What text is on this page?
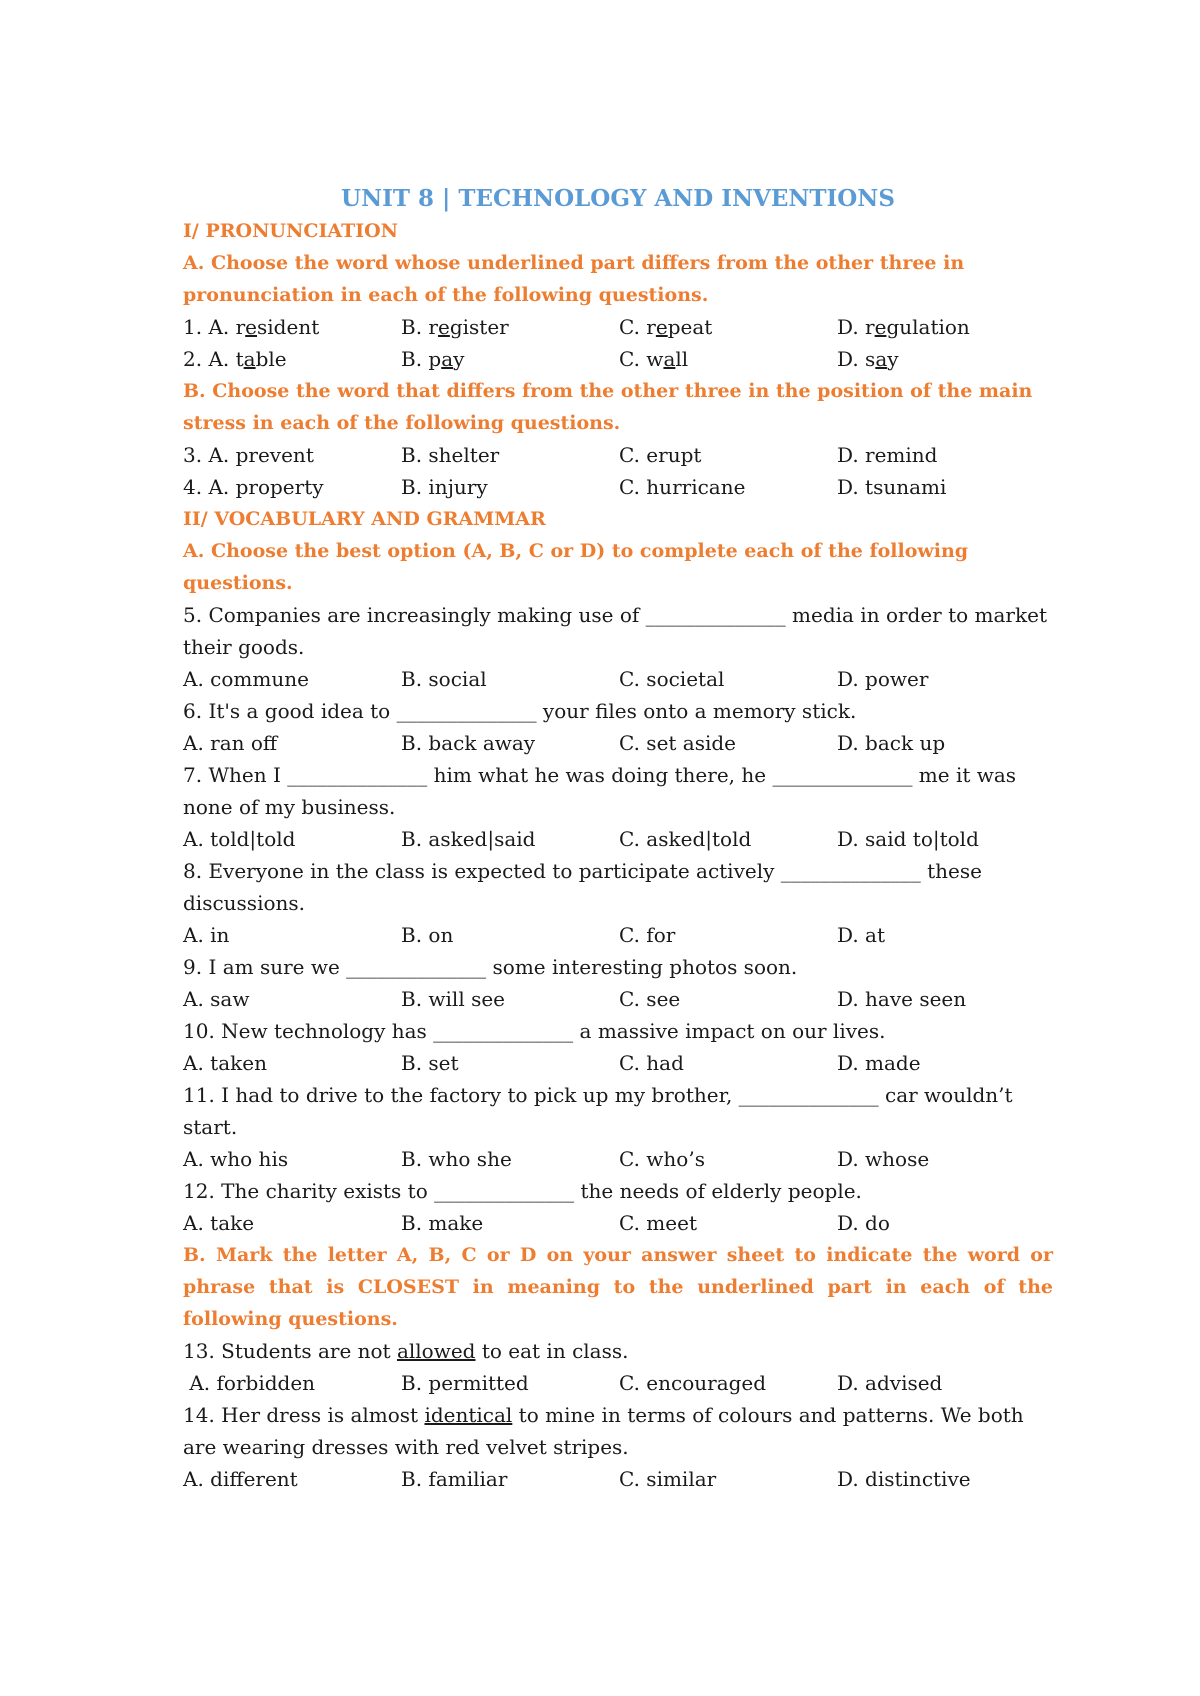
UNIT 8 | TECHNOLOGY AND INVENTIONS
I/ PRONUNCIATION
A. Choose the word whose underlined part differs from the other three in pronunciation in each of the following questions.
1. A. resident	B. register	C. repeat	D. regulation
2. A. table	B. pay	C. wall	D. say
B. Choose the word that differs from the other three in the position of the main stress in each of the following questions.
3. A. prevent	B. shelter	C. erupt	D. remind
4. A. property	B. injury	C. hurricane	D. tsunami
II/ VOCABULARY AND GRAMMAR
A. Choose the best option (A, B, C or D) to complete each of the following questions.
5. Companies are increasingly making use of ______________ media in order to market their goods.
A. commune	B. social	C. societal	D. power
6. It's a good idea to ______________ your files onto a memory stick.
A. ran off	B. back away	C. set aside	D. back up
7. When I ______________ him what he was doing there, he ______________ me it was none of my business.
A. told|told	B. asked|said	C. asked|told	D. said to|told
8. Everyone in the class is expected to participate actively ______________ these discussions.
A. in	B. on	C. for	D. at
9. I am sure we ______________ some interesting photos soon.
A. saw	B. will see	C. see	D. have seen
10. New technology has ______________ a massive impact on our lives.
A. taken	B. set	C. had	D. made
11. I had to drive to the factory to pick up my brother, ______________ car wouldn’t start.
A. who his	B. who she	C. who’s	D. whose
12. The charity exists to ______________ the needs of elderly people.
A. take	B. make	C. meet	D. do
B. Mark the letter A, B, C or D on your answer sheet to indicate the word or phrase that is CLOSEST in meaning to the underlined part in each of the following questions.
13. Students are not allowed to eat in class.
A. forbidden	B. permitted	C. encouraged	D. advised
14. Her dress is almost identical to mine in terms of colours and patterns. We both are wearing dresses with red velvet stripes.
A. different	B. familiar	C. similar	D. distinctive
